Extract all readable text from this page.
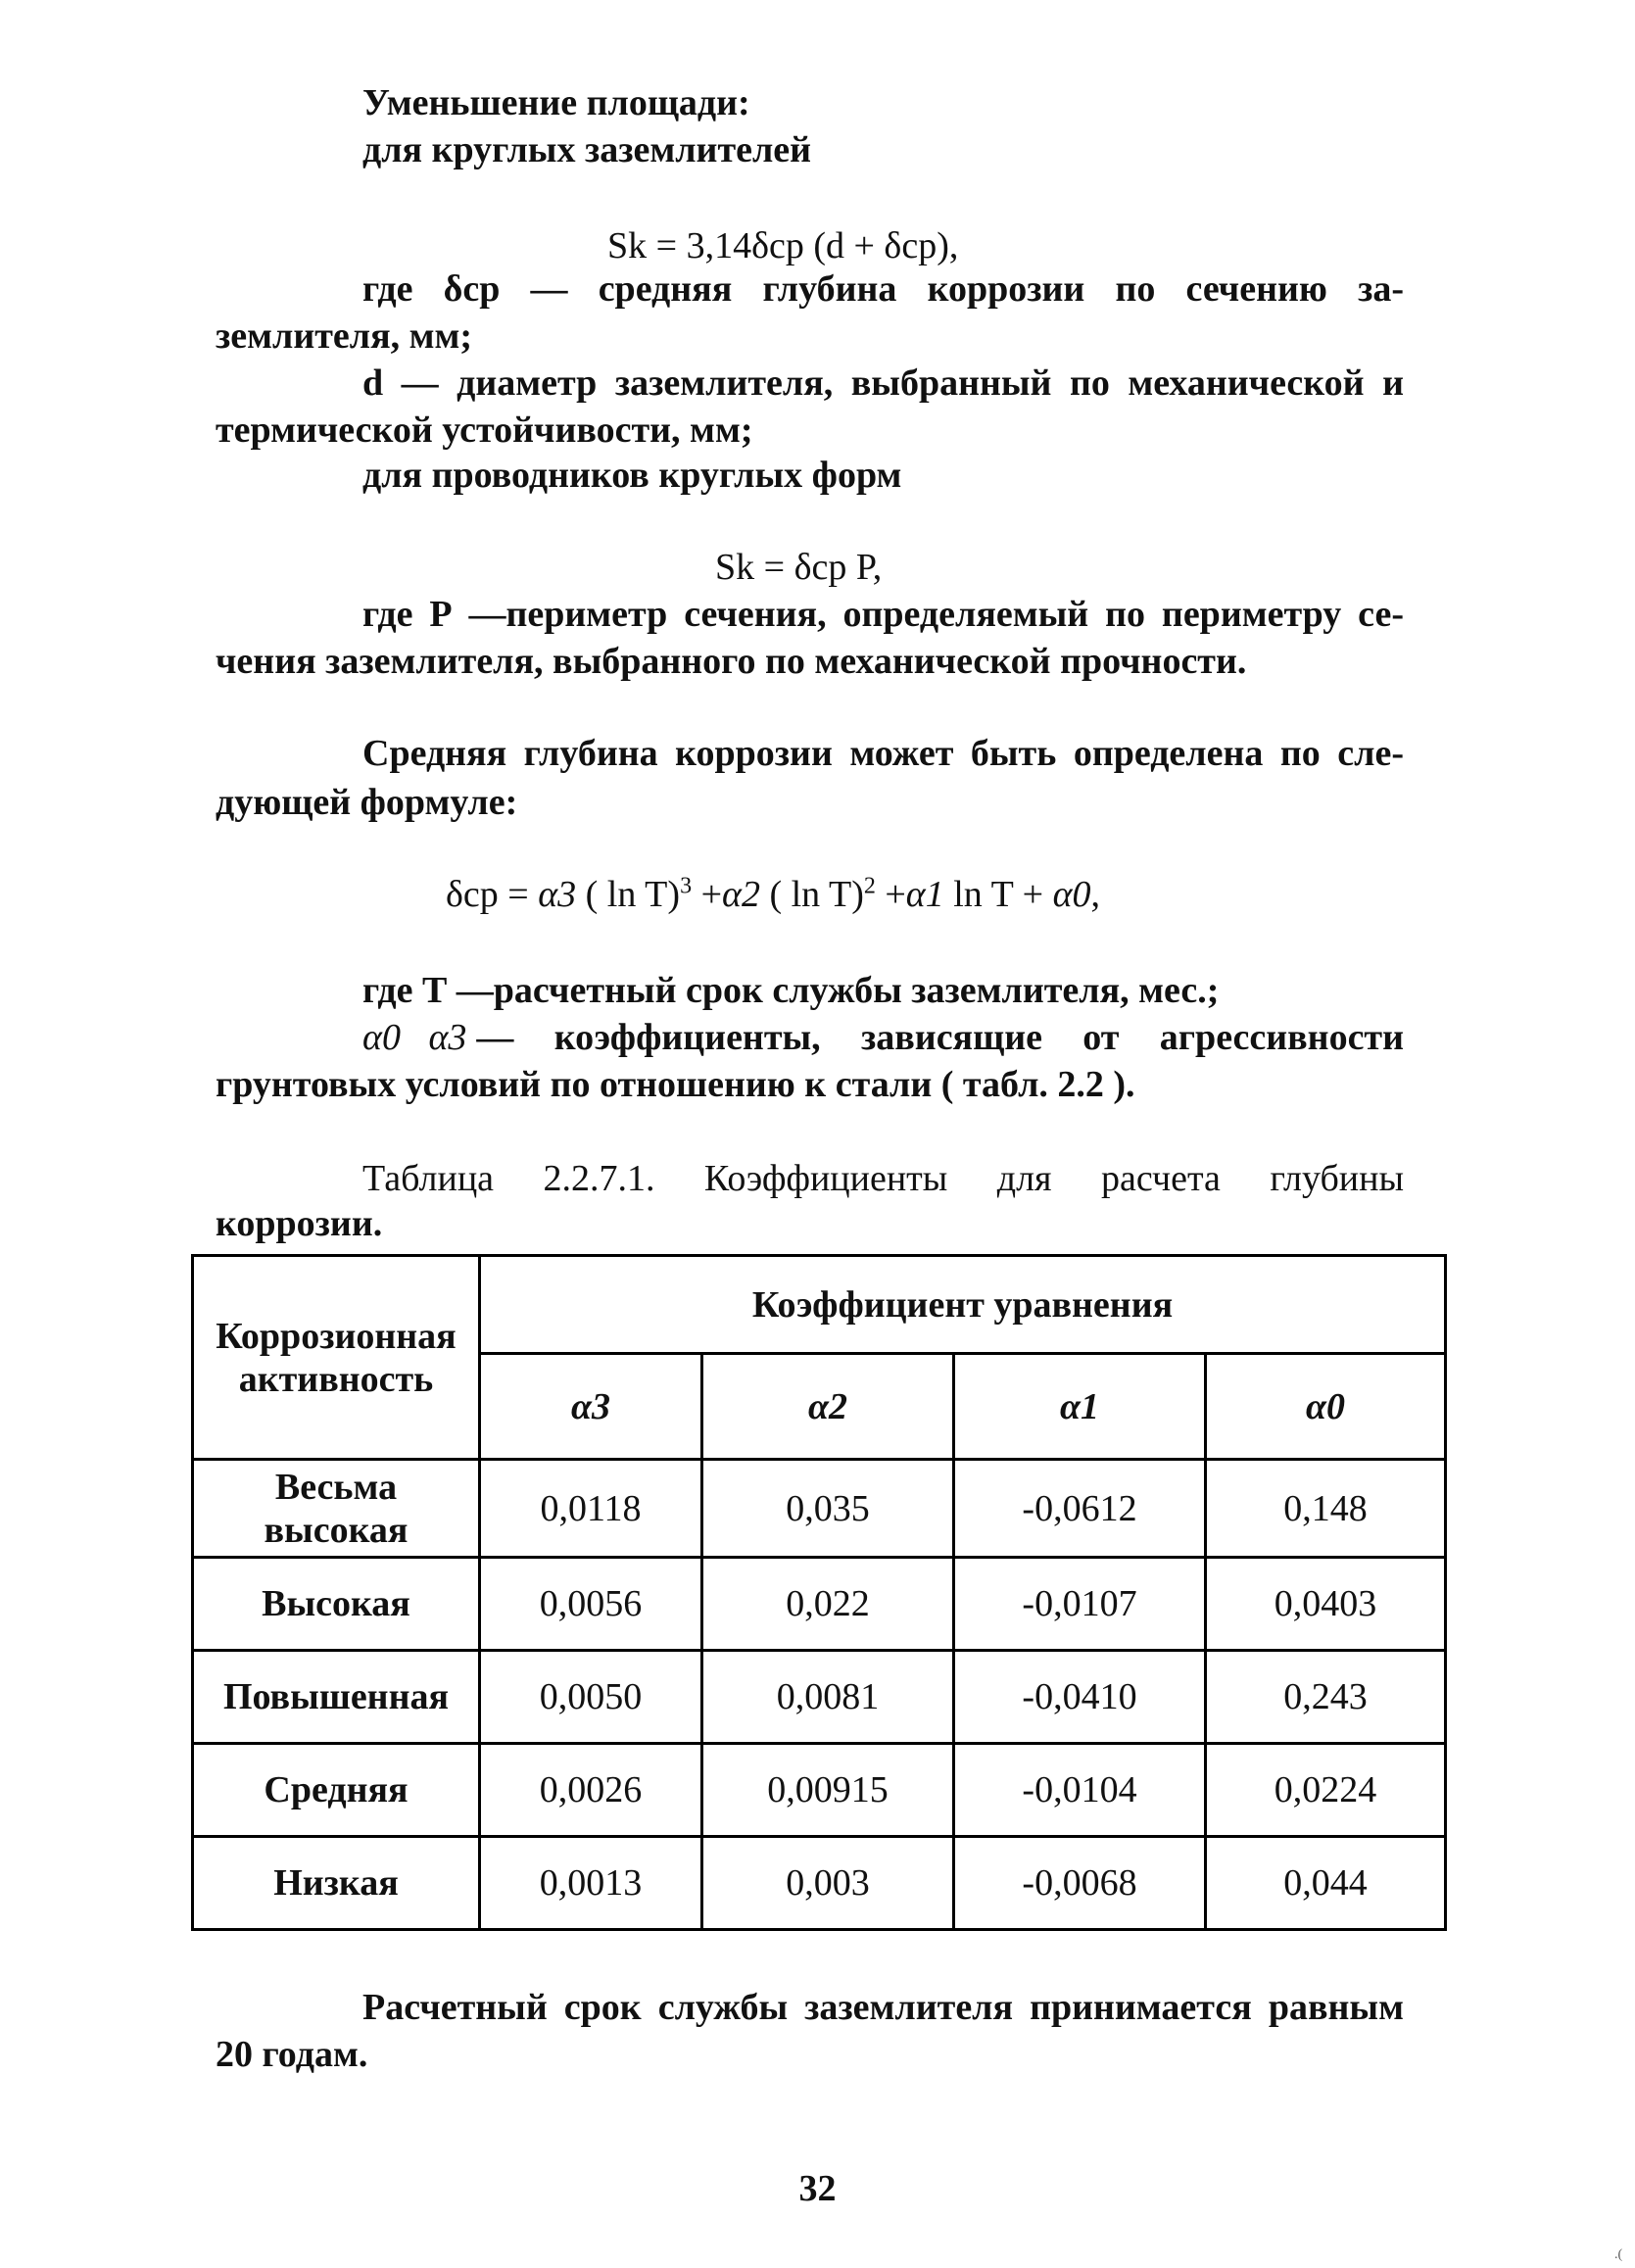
Уменьшение площади:
для круглых заземлителей
Sk = 3,14δср (d + δср),
где δср — средняя глубина коррозии по сечению за-
землителя, мм;
d — диаметр заземлителя, выбранный по механической и
термической устойчивости, мм;
для проводников круглых форм
Sk = δср P,
где Р —периметр сечения, определяемый по периметру се-
чения заземлителя, выбранного по механической прочности.
Средняя глубина коррозии может быть определена по сле-
дующей формуле:
δср = α3 ( ln T)$^3$ +α2 ( ln T)$^2$ +α1 ln T + α0,
где Т —расчетный срок службы заземлителя, мес.;
α0 α3 — коэффициенты, зависящие от агрессивности
грунтовых условий по отношению к стали ( табл. 2.2 ).
Таблица 2.2.7.1. Коэффициенты для расчета глубины
коррозии.
Коррозионная активность	Коэффициент уравнения			
	α3	α2	α1	α0
Весьма высокая	0,0118	0,035	-0,0612	0,148
Высокая	0,0056	0,022	-0,0107	0,0403
Повышенная	0,0050	0,0081	-0,0410	0,243
Средняя	0,0026	0,00915	-0,0104	0,0224
Низкая	0,0013	0,003	-0,0068	0,044
Расчетный срок службы заземлителя принимается равным
20 годам.
32
.(
